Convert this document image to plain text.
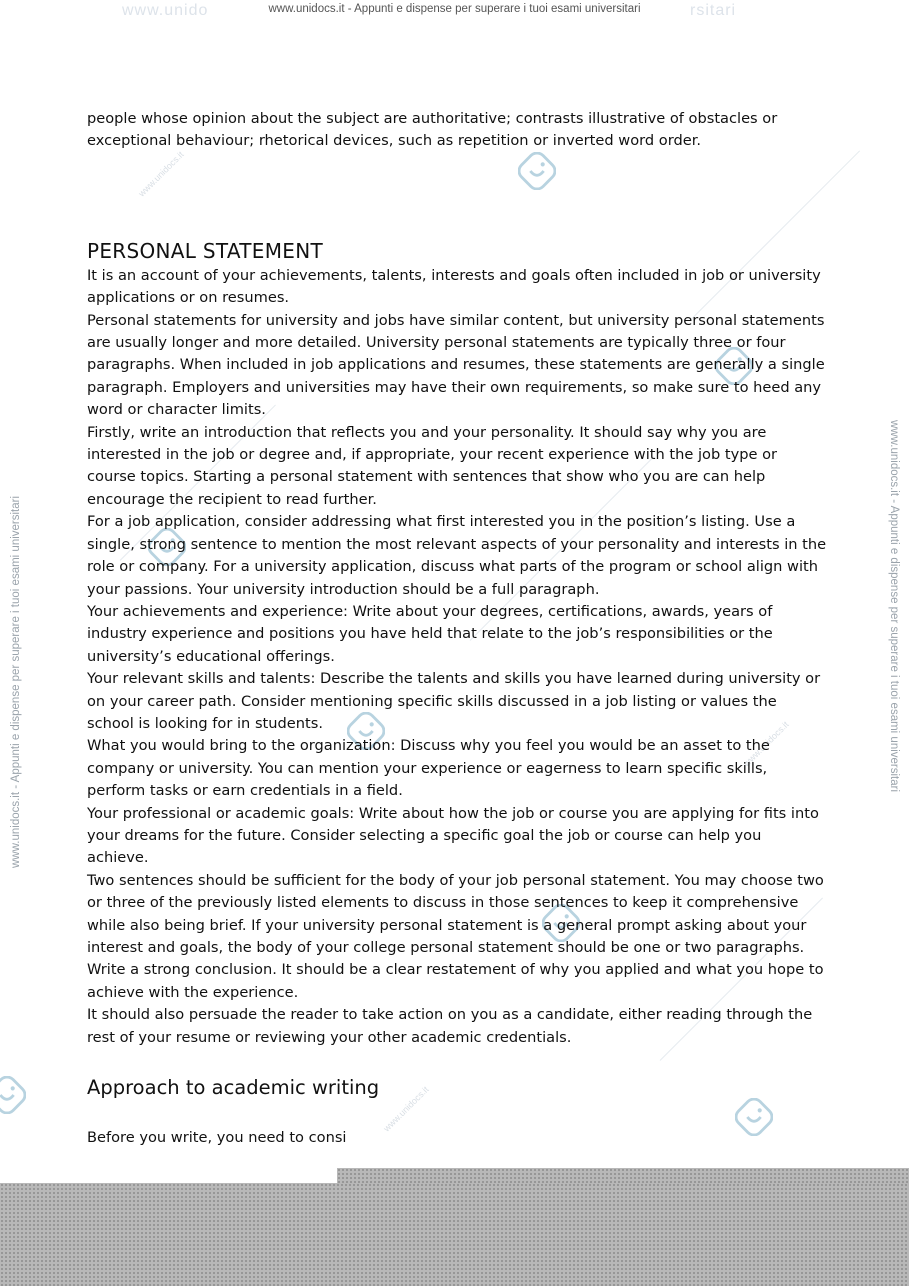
www.unido	rsitari
www.unidocs.it - Appunti e dispense per superare i tuoi esami universitari
www.unidocs.it - Appunti e dispense per superare i tuoi esami universitari	www.unidocs.it - Appunti e dispense per superare i tuoi esami universitari
www.unidocs.it
www.unidocs.it
www.unidocs.it

people whose opinion about the subject are authoritative; contrasts illustrative of obstacles or exceptional behaviour; rhetorical devices, such as repetition or inverted word order.

PERSONAL STATEMENT

It is an account of your achievements, talents, interests and goals often included in job or university applications or on resumes.

Personal statements for university and jobs have similar content, but university personal statements are usually longer and more detailed. University personal statements are typically three or four paragraphs. When included in job applications and resumes, these statements are generally a single paragraph. Employers and universities may have their own requirements, so make sure to heed any word or character limits.

Firstly, write an introduction that reflects you and your personality. It should say why you are interested in the job or degree and, if appropriate, your recent experience with the job type or course topics. Starting a personal statement with sentences that show who you are can help encourage the recipient to read further.

For a job application, consider addressing what first interested you in the position’s listing. Use a single, strong sentence to mention the most relevant aspects of your personality and interests in the role or company. For a university application, discuss what parts of the program or school align with your passions. Your university introduction should be a full paragraph.

Your achievements and experience: Write about your degrees, certifications, awards, years of industry experience and positions you have held that relate to the job’s responsibilities or the university’s educational offerings.

Your relevant skills and talents: Describe the talents and skills you have learned during university or on your career path. Consider mentioning specific skills discussed in a job listing or values the school is looking for in students.

What you would bring to the organization: Discuss why you feel you would be an asset to the company or university. You can mention your experience or eagerness to learn specific skills, perform tasks or earn credentials in a field.

Your professional or academic goals: Write about how the job or course you are applying for fits into your dreams for the future. Consider selecting a specific goal the job or course can help you achieve.

Two sentences should be sufficient for the body of your job personal statement. You may choose two or three of the previously listed elements to discuss in those sentences to keep it comprehensive while also being brief. If your university personal statement is a general prompt asking about your interest and goals, the body of your college personal statement should be one or two paragraphs.

Write a strong conclusion. It should be a clear restatement of why you applied and what you hope to achieve with the experience.

It should also persuade the reader to take action on you as a candidate, either reading through the rest of your resume or reviewing your other academic credentials.

Approach to academic writing

Before you write, you need to consi
